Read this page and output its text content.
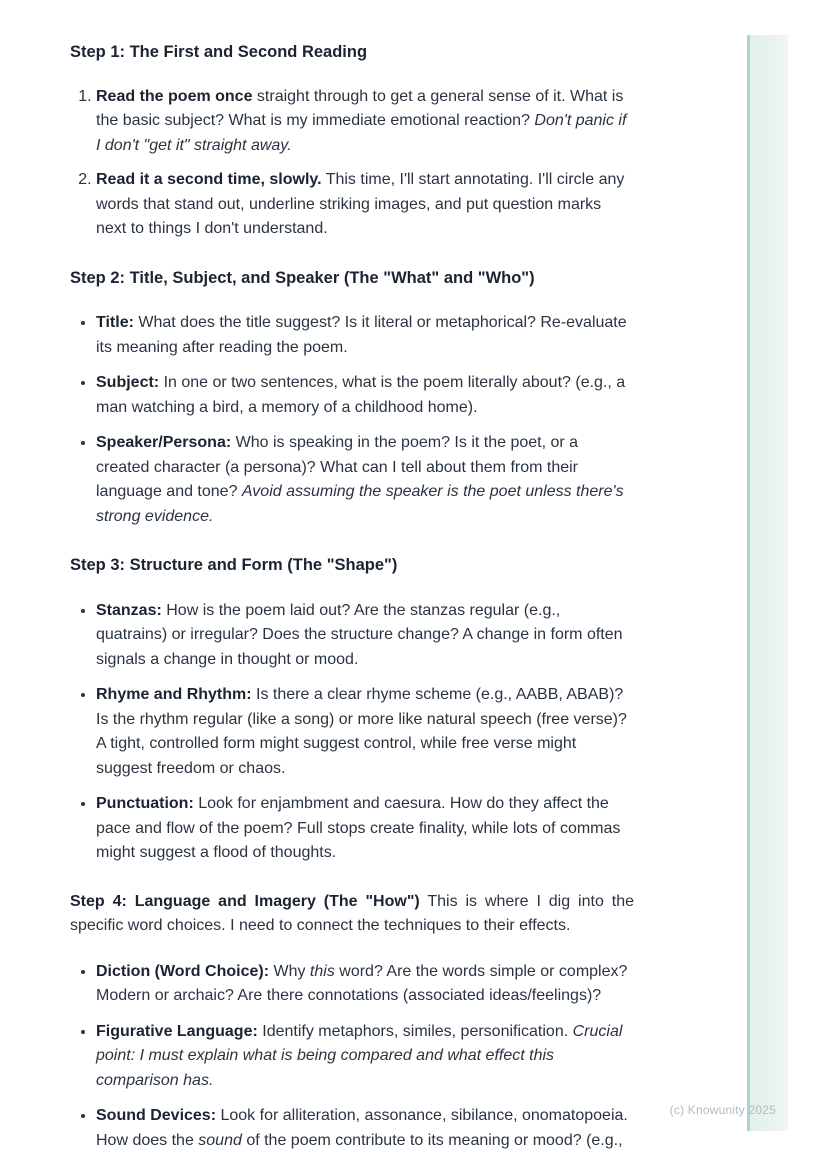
(c) Knowunity 2025
Step 1: The First and Second Reading
1. Read the poem once straight through to get a general sense of it. What is the basic subject? What is my immediate emotional reaction? Don't panic if I don't "get it" straight away.
2. Read it a second time, slowly. This time, I'll start annotating. I'll circle any words that stand out, underline striking images, and put question marks next to things I don't understand.
Step 2: Title, Subject, and Speaker (The "What" and "Who")
• Title: What does the title suggest? Is it literal or metaphorical? Re-evaluate its meaning after reading the poem.
• Subject: In one or two sentences, what is the poem literally about? (e.g., a man watching a bird, a memory of a childhood home).
• Speaker/Persona: Who is speaking in the poem? Is it the poet, or a created character (a persona)? What can I tell about them from their language and tone? Avoid assuming the speaker is the poet unless there's strong evidence.
Step 3: Structure and Form (The "Shape")
• Stanzas: How is the poem laid out? Are the stanzas regular (e.g., quatrains) or irregular? Does the structure change? A change in form often signals a change in thought or mood.
• Rhyme and Rhythm: Is there a clear rhyme scheme (e.g., AABB, ABAB)? Is the rhythm regular (like a song) or more like natural speech (free verse)? A tight, controlled form might suggest control, while free verse might suggest freedom or chaos.
• Punctuation: Look for enjambment and caesura. How do they affect the pace and flow of the poem? Full stops create finality, while lots of commas might suggest a flood of thoughts.

Step 4: Language and Imagery (The "How") This is where I dig into the specific word choices. I need to connect the techniques to their effects.

• Diction (Word Choice): Why this word? Are the words simple or complex? Modern or archaic? Are there connotations (associated ideas/feelings)?
• Figurative Language: Identify metaphors, similes, personification. Crucial point: I must explain what is being compared and what effect this comparison has.
• Sound Devices: Look for alliteration, assonance, sibilance, onomatopoeia. How does the sound of the poem contribute to its meaning or mood? (e.g.,
